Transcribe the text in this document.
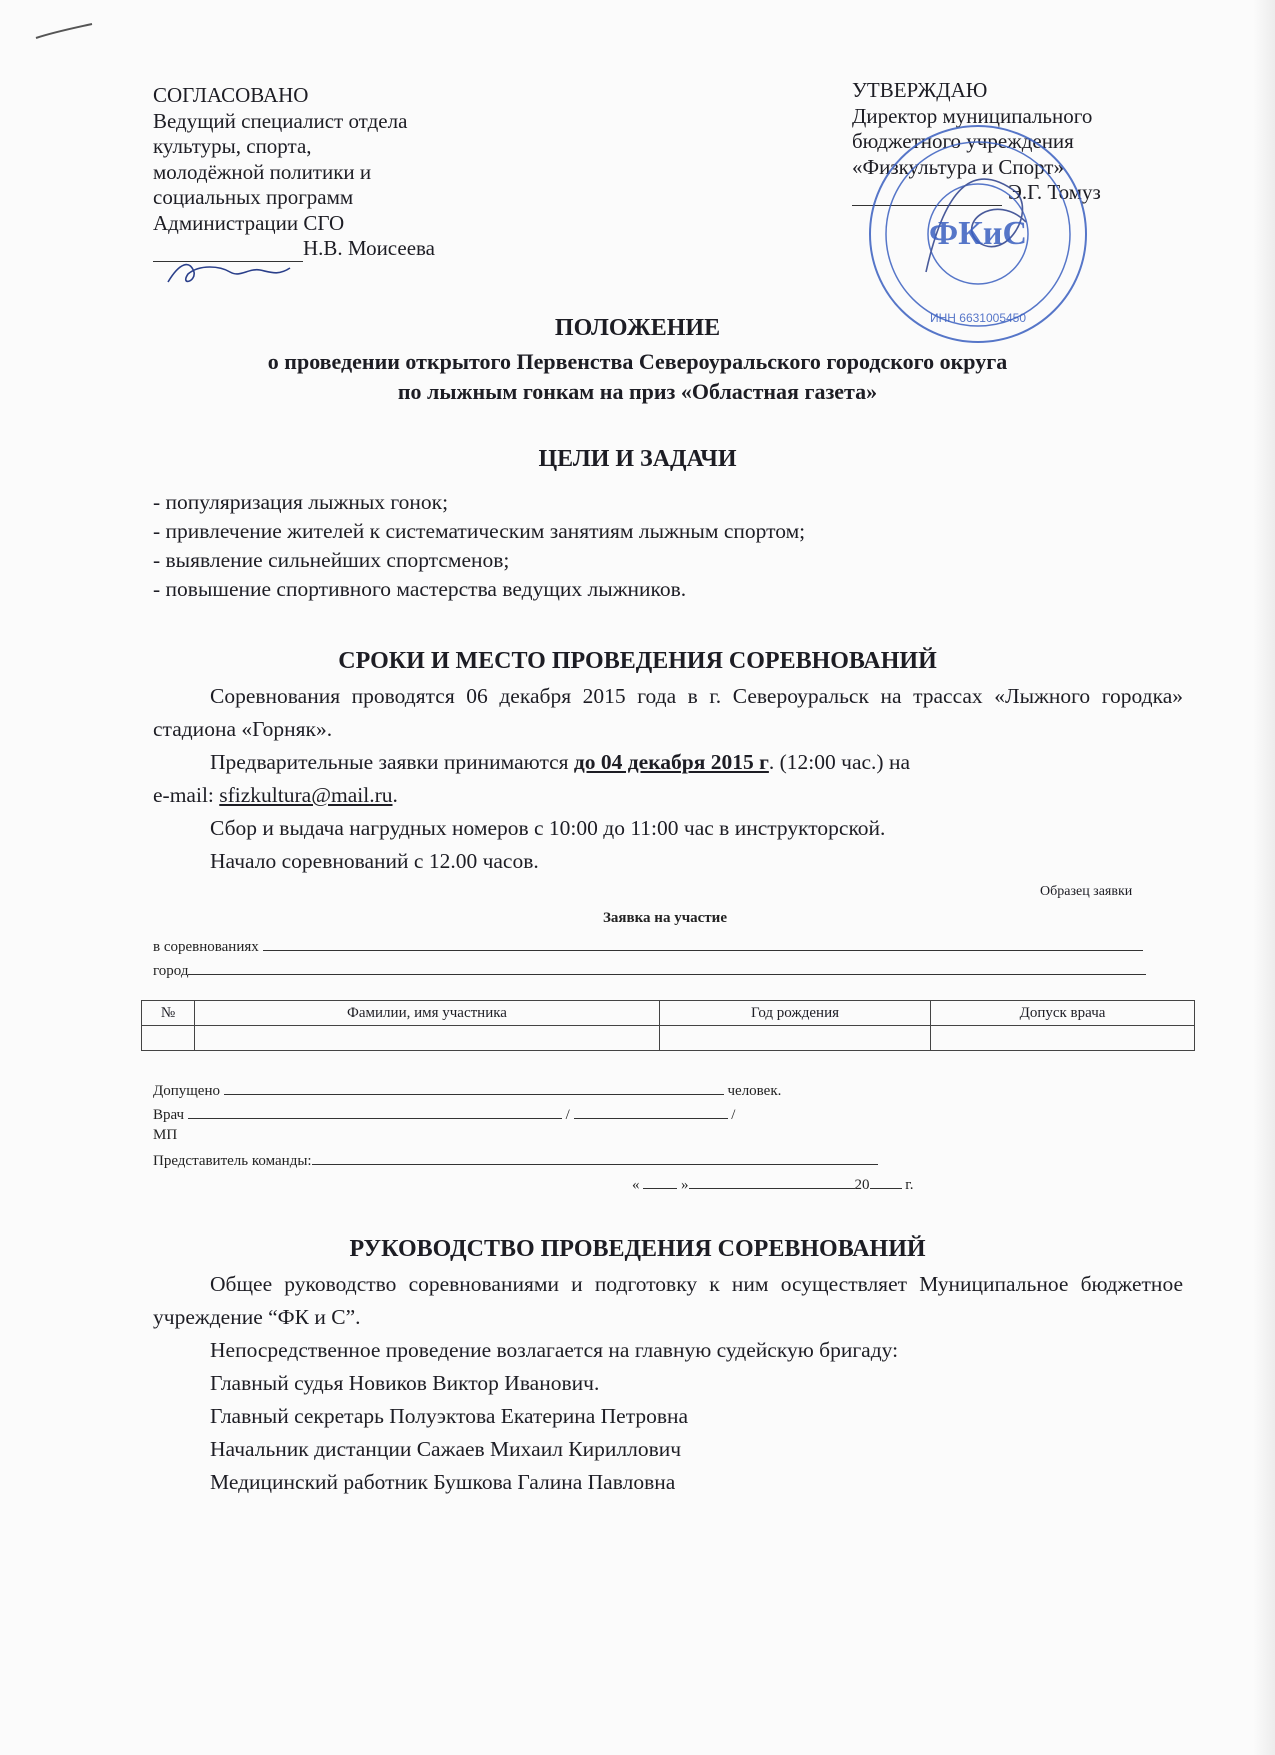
СОГЛАСОВАНО
Ведущий специалист отдела
культуры, спорта,
молодёжной политики и
социальных программ
Администрации СГО
Н.В. Моисеева
УТВЕРЖДАЮ
Директор муниципального
бюджетного учреждения
«Физкультура и Спорт»
Э.Г. Томуз
ФКиС
ИНН 6631005450
ПОЛОЖЕНИЕ
о проведении открытого Первенства Североуральского городского округа
по лыжным гонкам на приз «Областная газета»
ЦЕЛИ И ЗАДАЧИ
- популяризация лыжных гонок;
- привлечение жителей к систематическим занятиям лыжным спортом;
- выявление сильнейших спортсменов;
- повышение спортивного мастерства ведущих лыжников.
СРОКИ И МЕСТО ПРОВЕДЕНИЯ СОРЕВНОВАНИЙ
Соревнования проводятся 06 декабря 2015 года в г. Североуральск на трассах «Лыжного городка» стадиона «Горняк».
Предварительные заявки принимаются до 04 декабря 2015 г. (12:00 час.) на
e-mail: sfizkultura@mail.ru.
Сбор и выдача нагрудных номеров с 10:00 до 11:00 час в инструкторской.
Начало соревнований с 12.00 часов.
Образец заявки
Заявка на участие
в соревнованиях
город
№	Фамилии, имя участника	Год рождения	Допуск врача

Допущено	человек.
Врач	/	/
МП
Представитель команды:
«	»	20 г.
РУКОВОДСТВО ПРОВЕДЕНИЯ СОРЕВНОВАНИЙ
Общее руководство соревнованиями и подготовку к ним осуществляет Муниципальное бюджетное учреждение “ФК и С”.
Непосредственное проведение возлагается на главную судейскую бригаду:
Главный судья Новиков Виктор Иванович.
Главный секретарь Полуэктова Екатерина Петровна
Начальник дистанции Сажаев Михаил Кириллович
Медицинский работник Бушкова Галина Павловна
